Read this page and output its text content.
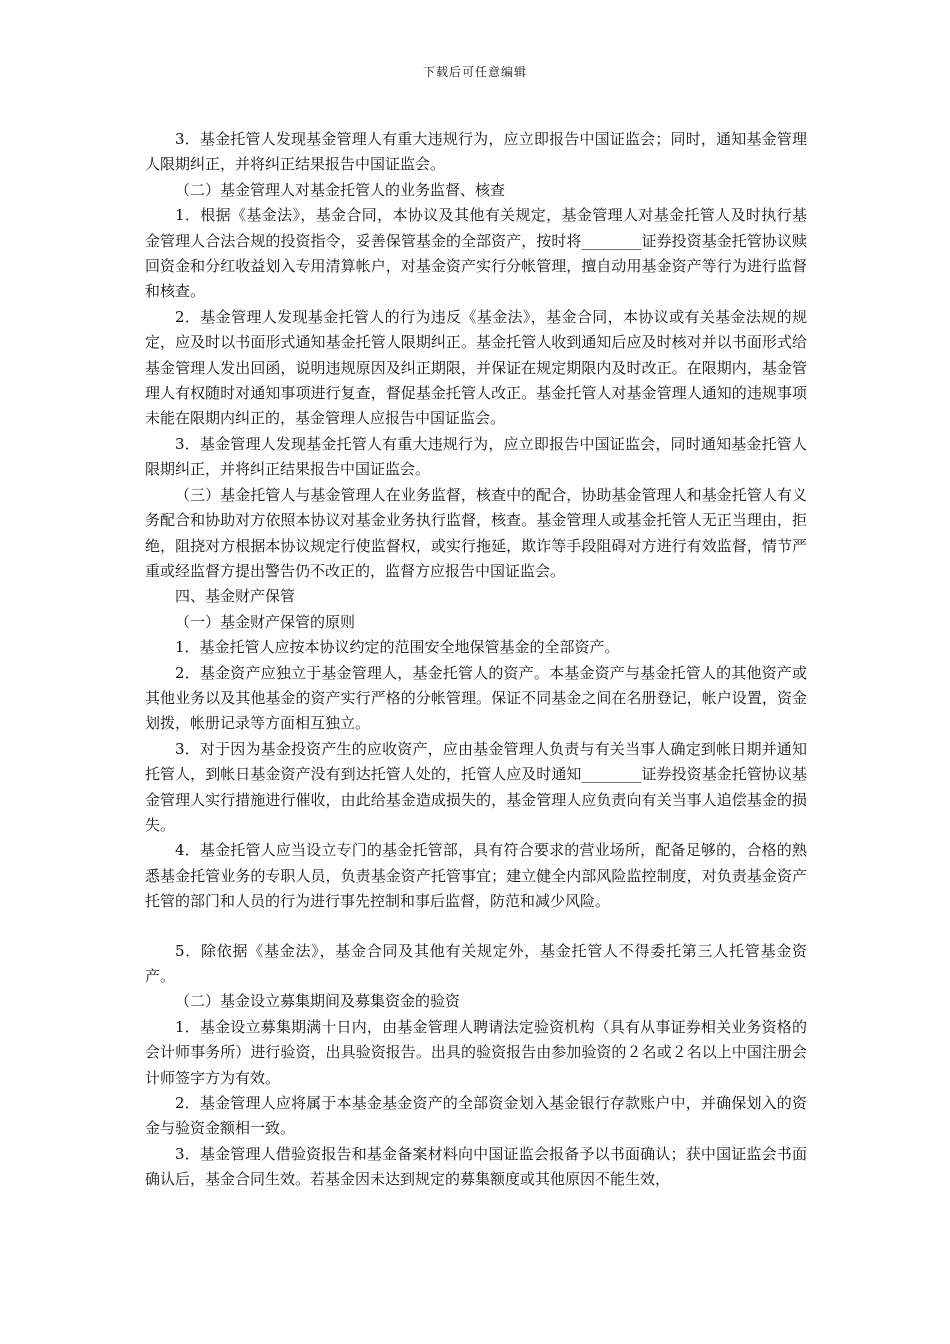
下载后可任意编辑

3．基金托管人发现基金管理人有重大违规行为，应立即报告中国证监会；同时，通知基金管理人限期纠正，并将纠正结果报告中国证监会。

（二）基金管理人对基金托管人的业务监督、核查

1．根据《基金法》，基金合同，本协议及其他有关规定，基金管理人对基金托管人及时执行基金管理人合法合规的投资指令，妥善保管基金的全部资产，按时将________证券投资基金托管协议赎回资金和分红收益划入专用清算帐户，对基金资产实行分帐管理，擅自动用基金资产等行为进行监督和核查。

2．基金管理人发现基金托管人的行为违反《基金法》，基金合同，本协议或有关基金法规的规定，应及时以书面形式通知基金托管人限期纠正。基金托管人收到通知后应及时核对并以书面形式给基金管理人发出回函，说明违规原因及纠正期限，并保证在规定期限内及时改正。在限期内，基金管理人有权随时对通知事项进行复查，督促基金托管人改正。基金托管人对基金管理人通知的违规事项未能在限期内纠正的，基金管理人应报告中国证监会。

3．基金管理人发现基金托管人有重大违规行为，应立即报告中国证监会，同时通知基金托管人限期纠正，并将纠正结果报告中国证监会。

（三）基金托管人与基金管理人在业务监督，核查中的配合，协助基金管理人和基金托管人有义务配合和协助对方依照本协议对基金业务执行监督，核查。基金管理人或基金托管人无正当理由，拒绝，阻挠对方根据本协议规定行使监督权，或实行拖延，欺诈等手段阻碍对方进行有效监督，情节严重或经监督方提出警告仍不改正的，监督方应报告中国证监会。

四、基金财产保管

（一）基金财产保管的原则

1．基金托管人应按本协议约定的范围安全地保管基金的全部资产。

2．基金资产应独立于基金管理人，基金托管人的资产。本基金资产与基金托管人的其他资产或其他业务以及其他基金的资产实行严格的分帐管理。保证不同基金之间在名册登记，帐户设置，资金划拨，帐册记录等方面相互独立。

3．对于因为基金投资产生的应收资产，应由基金管理人负责与有关当事人确定到帐日期并通知托管人，到帐日基金资产没有到达托管人处的，托管人应及时通知________证券投资基金托管协议基金管理人实行措施进行催收，由此给基金造成损失的，基金管理人应负责向有关当事人追偿基金的损失。

4．基金托管人应当设立专门的基金托管部，具有符合要求的营业场所，配备足够的，合格的熟悉基金托管业务的专职人员，负责基金资产托管事宜；建立健全内部风险监控制度，对负责基金资产托管的部门和人员的行为进行事先控制和事后监督，防范和减少风险。

5．除依据《基金法》，基金合同及其他有关规定外，基金托管人不得委托第三人托管基金资产。

（二）基金设立募集期间及募集资金的验资

1．基金设立募集期满十日内，由基金管理人聘请法定验资机构（具有从事证券相关业务资格的会计师事务所）进行验资，出具验资报告。出具的验资报告由参加验资的２名或２名以上中国注册会计师签字方为有效。

2．基金管理人应将属于本基金基金资产的全部资金划入基金银行存款账户中，并确保划入的资金与验资金额相一致。

3．基金管理人借验资报告和基金备案材料向中国证监会报备予以书面确认；获中国证监会书面确认后，基金合同生效。若基金因未达到规定的募集额度或其他原因不能生效，
